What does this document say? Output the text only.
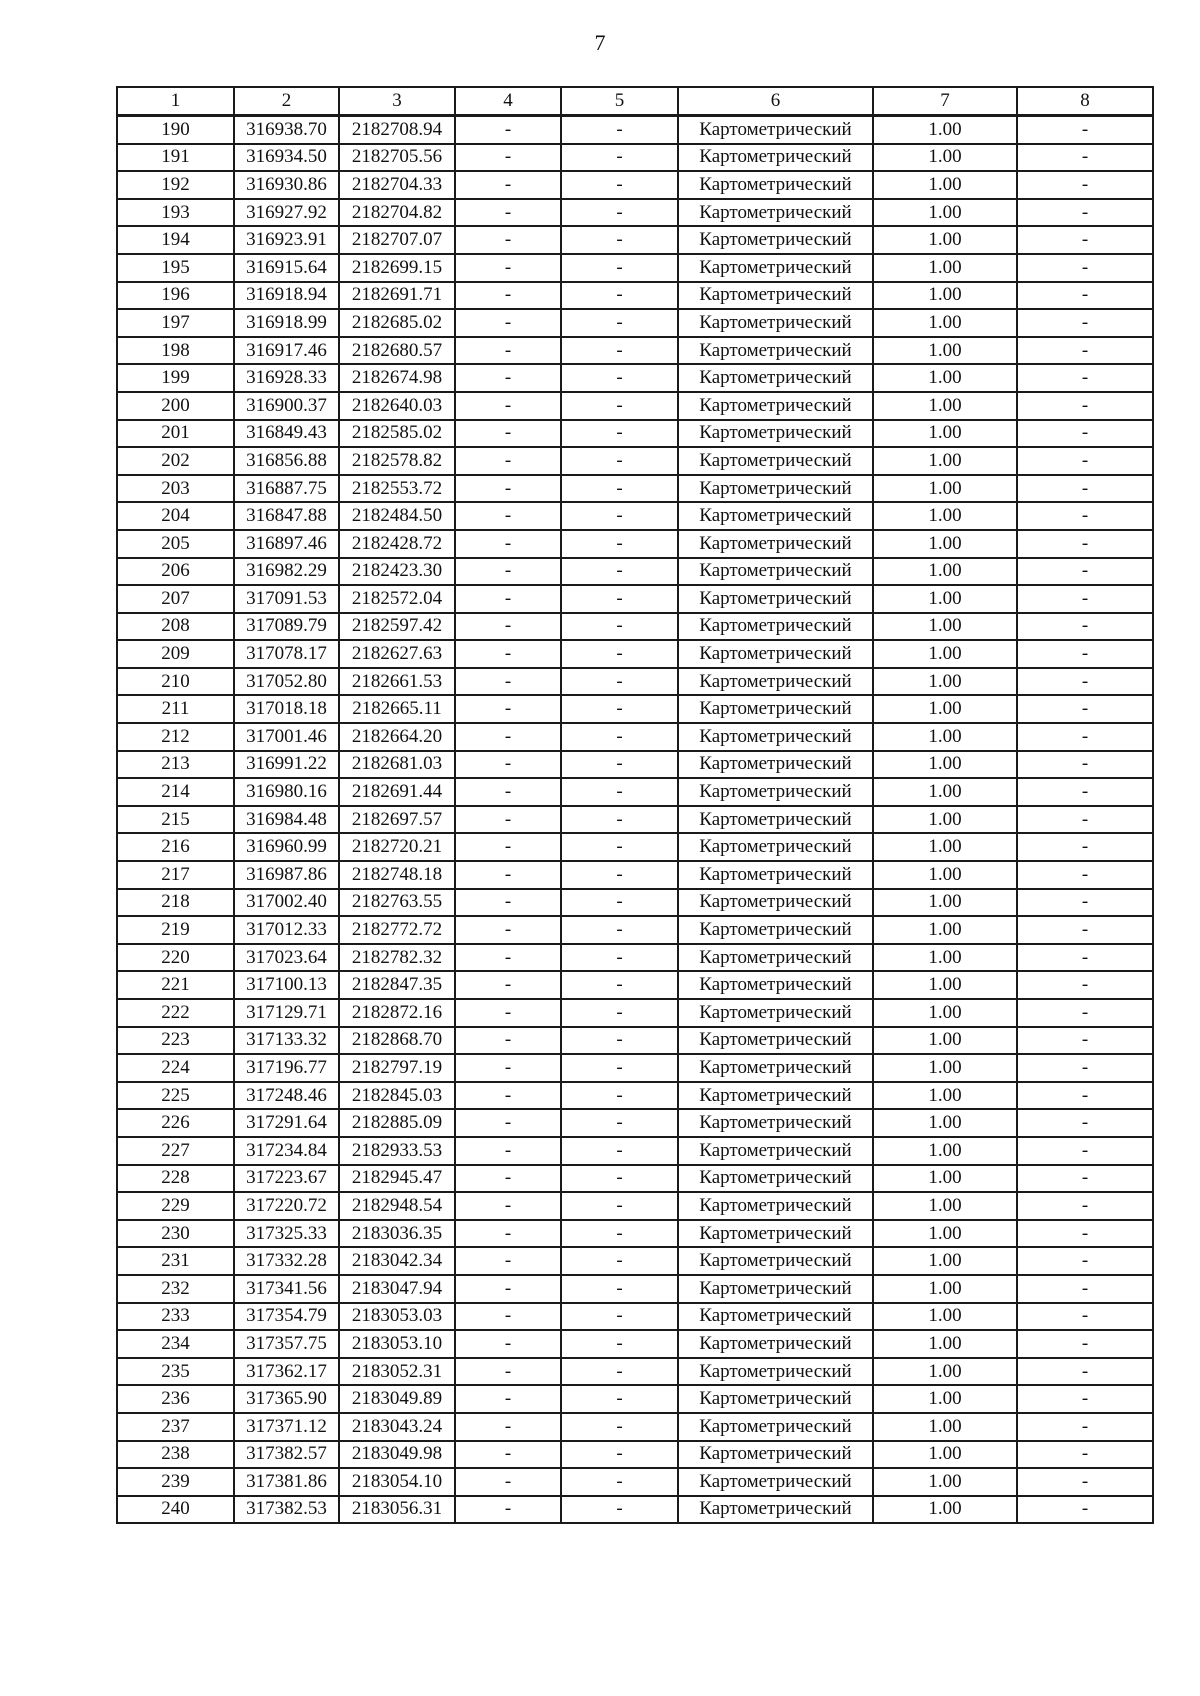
7
1	2	3	4	5	6	7	8
190	316938.70	2182708.94	-	-	Картометрический	1.00	-
191	316934.50	2182705.56	-	-	Картометрический	1.00	-
192	316930.86	2182704.33	-	-	Картометрический	1.00	-
193	316927.92	2182704.82	-	-	Картометрический	1.00	-
194	316923.91	2182707.07	-	-	Картометрический	1.00	-
195	316915.64	2182699.15	-	-	Картометрический	1.00	-
196	316918.94	2182691.71	-	-	Картометрический	1.00	-
197	316918.99	2182685.02	-	-	Картометрический	1.00	-
198	316917.46	2182680.57	-	-	Картометрический	1.00	-
199	316928.33	2182674.98	-	-	Картометрический	1.00	-
200	316900.37	2182640.03	-	-	Картометрический	1.00	-
201	316849.43	2182585.02	-	-	Картометрический	1.00	-
202	316856.88	2182578.82	-	-	Картометрический	1.00	-
203	316887.75	2182553.72	-	-	Картометрический	1.00	-
204	316847.88	2182484.50	-	-	Картометрический	1.00	-
205	316897.46	2182428.72	-	-	Картометрический	1.00	-
206	316982.29	2182423.30	-	-	Картометрический	1.00	-
207	317091.53	2182572.04	-	-	Картометрический	1.00	-
208	317089.79	2182597.42	-	-	Картометрический	1.00	-
209	317078.17	2182627.63	-	-	Картометрический	1.00	-
210	317052.80	2182661.53	-	-	Картометрический	1.00	-
211	317018.18	2182665.11	-	-	Картометрический	1.00	-
212	317001.46	2182664.20	-	-	Картометрический	1.00	-
213	316991.22	2182681.03	-	-	Картометрический	1.00	-
214	316980.16	2182691.44	-	-	Картометрический	1.00	-
215	316984.48	2182697.57	-	-	Картометрический	1.00	-
216	316960.99	2182720.21	-	-	Картометрический	1.00	-
217	316987.86	2182748.18	-	-	Картометрический	1.00	-
218	317002.40	2182763.55	-	-	Картометрический	1.00	-
219	317012.33	2182772.72	-	-	Картометрический	1.00	-
220	317023.64	2182782.32	-	-	Картометрический	1.00	-
221	317100.13	2182847.35	-	-	Картометрический	1.00	-
222	317129.71	2182872.16	-	-	Картометрический	1.00	-
223	317133.32	2182868.70	-	-	Картометрический	1.00	-
224	317196.77	2182797.19	-	-	Картометрический	1.00	-
225	317248.46	2182845.03	-	-	Картометрический	1.00	-
226	317291.64	2182885.09	-	-	Картометрический	1.00	-
227	317234.84	2182933.53	-	-	Картометрический	1.00	-
228	317223.67	2182945.47	-	-	Картометрический	1.00	-
229	317220.72	2182948.54	-	-	Картометрический	1.00	-
230	317325.33	2183036.35	-	-	Картометрический	1.00	-
231	317332.28	2183042.34	-	-	Картометрический	1.00	-
232	317341.56	2183047.94	-	-	Картометрический	1.00	-
233	317354.79	2183053.03	-	-	Картометрический	1.00	-
234	317357.75	2183053.10	-	-	Картометрический	1.00	-
235	317362.17	2183052.31	-	-	Картометрический	1.00	-
236	317365.90	2183049.89	-	-	Картометрический	1.00	-
237	317371.12	2183043.24	-	-	Картометрический	1.00	-
238	317382.57	2183049.98	-	-	Картометрический	1.00	-
239	317381.86	2183054.10	-	-	Картометрический	1.00	-
240	317382.53	2183056.31	-	-	Картометрический	1.00	-
